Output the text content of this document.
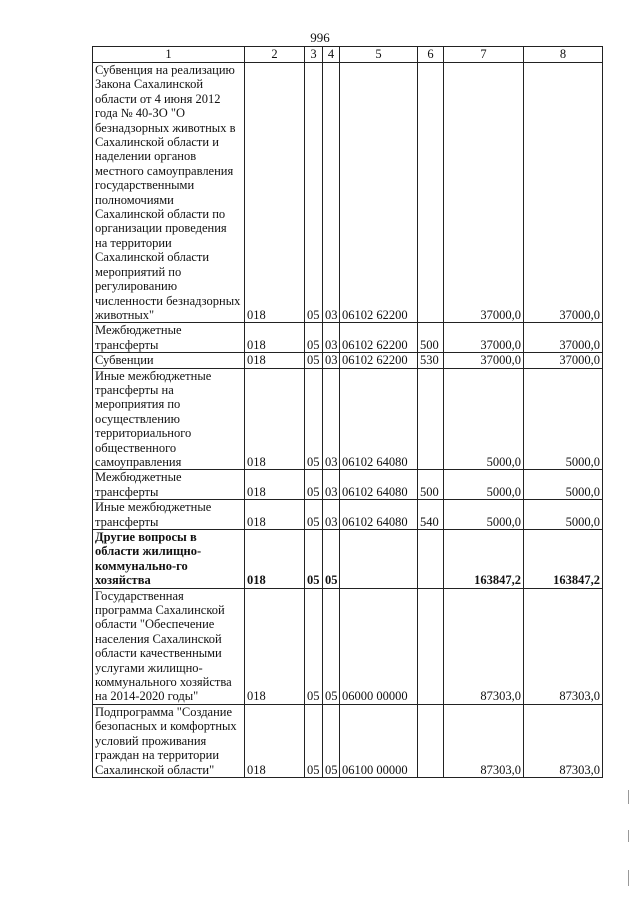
996
1	2	3	4	5	6	7	8
Субвенция на реализацию Закона Сахалинской области от 4 июня 2012 года № 40-ЗО "О безнадзорных животных в Сахалинской области и наделении органов местного самоуправления государственными полномочиями Сахалинской области по организации проведения на территории Сахалинской области мероприятий по регулированию численности безнадзорных животных"	018	05	03	06102 62200		37000,0	37000,0
Межбюджетные трансферты	018	05	03	06102 62200	500	37000,0	37000,0
Субвенции	018	05	03	06102 62200	530	37000,0	37000,0
Иные межбюджетные трансферты на мероприятия по осуществлению территориального общественного самоуправления	018	05	03	06102 64080		5000,0	5000,0
Межбюджетные трансферты	018	05	03	06102 64080	500	5000,0	5000,0
Иные межбюджетные трансферты	018	05	03	06102 64080	540	5000,0	5000,0
Другие вопросы в области жилищно-коммунально-го хозяйства	018	05	05			163847,2	163847,2
Государственная программа Сахалинской области "Обеспечение населения Сахалинской области качественными услугами жилищно-коммунального хозяйства на 2014-2020 годы"	018	05	05	06000 00000		87303,0	87303,0
Подпрограмма "Создание безопасных и комфортных условий проживания граждан на территории Сахалинской области"	018	05	05	06100 00000		87303,0	87303,0
